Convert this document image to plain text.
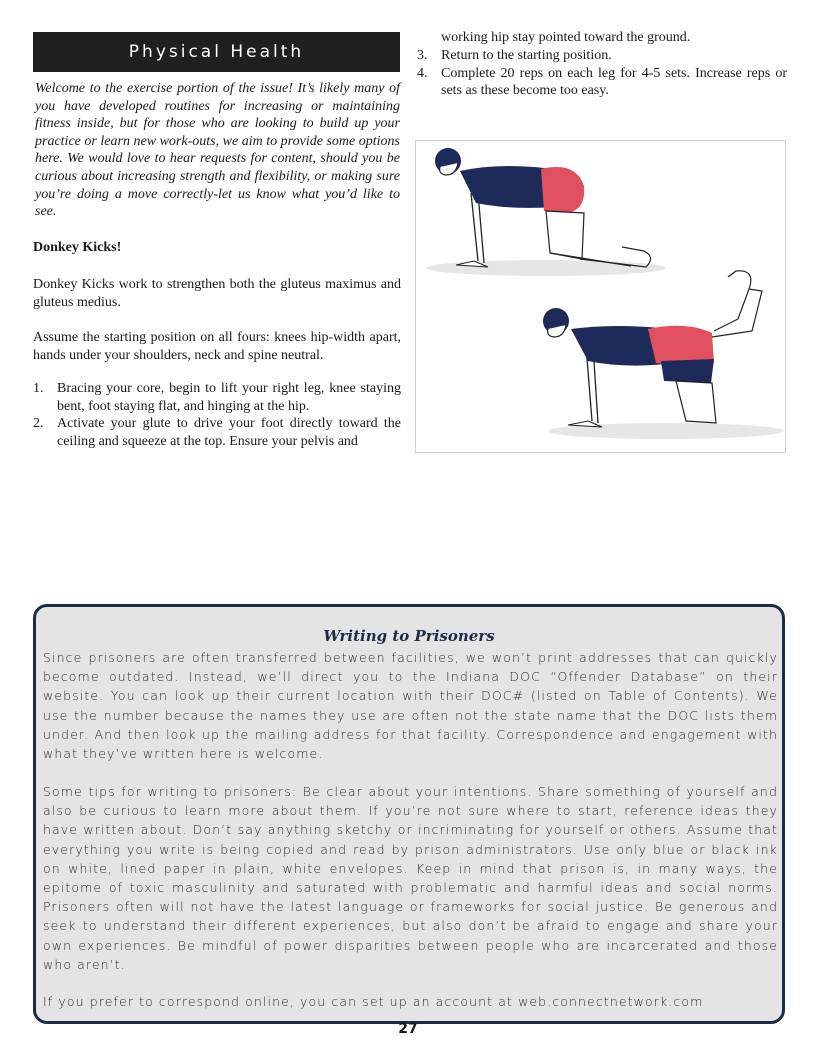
Physical Health

Welcome to the exercise portion of the issue! It’s likely many of you have developed routines for increasing or maintaining fitness inside, but for those who are looking to build up your practice or learn new work-outs, we aim to provide some options here. We would love to hear requests for content, should you be curious about increasing strength and flexibility, or making sure you’re doing a move correctly-let us know what you’d like to see.

Donkey Kicks!

Donkey Kicks work to strengthen both the gluteus maximus and gluteus medius.

Assume the starting position on all fours: knees hip-width apart, hands under your shoulders, neck and spine neutral.

1. Bracing your core, begin to lift your right leg, knee staying bent, foot staying flat, and hinging at the hip.
2. Activate your glute to drive your foot directly toward the ceiling and squeeze at the top. Ensure your pelvis and

working hip stay pointed toward the ground.

3. Return to the starting position.
4. Complete 20 reps on each leg for 4-5 sets. Increase reps or sets as these become too easy.
Writing to Prisoners

Since prisoners are often transferred between facilities, we won’t print addresses that can quickly become outdated. Instead, we’ll direct you to the Indiana DOC “Offender Database” on their website. You can look up their current location with their DOC# (listed on Table of Contents). We use the number because the names they use are often not the state name that the DOC lists them under. And then look up the mailing address for that facility. Correspondence and engagement with what they’ve written here is welcome.

Some tips for writing to prisoners: Be clear about your intentions. Share something of yourself and also be curious to learn more about them. If you’re not sure where to start, reference ideas they have written about. Don’t say anything sketchy or incriminating for yourself or others. Assume that everything you write is being copied and read by prison administrators. Use only blue or black ink on white, lined paper in plain, white envelopes. Keep in mind that prison is, in many ways, the epitome of toxic masculinity and saturated with problematic and harmful ideas and social norms. Prisoners often will not have the latest language or frameworks for social justice. Be generous and seek to understand their different experiences, but also don’t be afraid to engage and share your own experiences. Be mindful of power disparities between people who are incarcerated and those who aren’t.

If you prefer to correspond online, you can set up an account at web.connectnetwork.com

27
